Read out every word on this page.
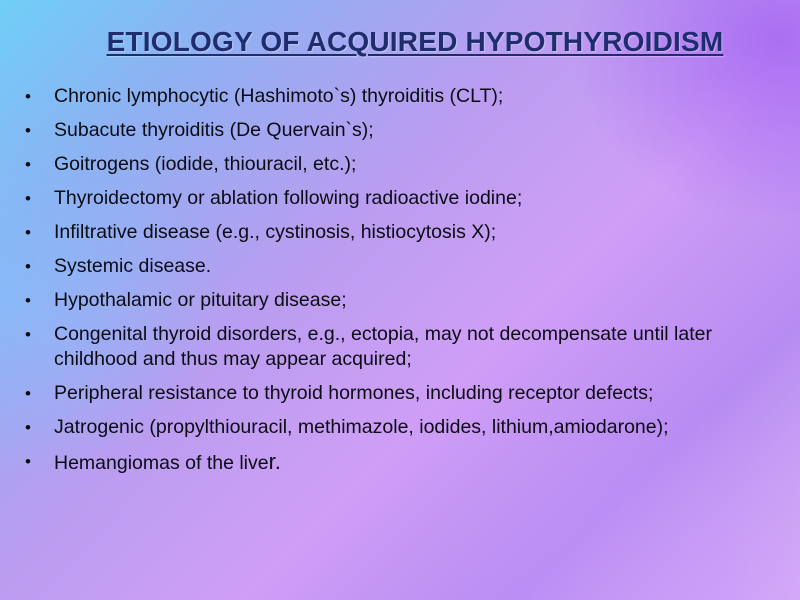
ETIOLOGY OF ACQUIRED HYPOTHYROIDISM
• Chronic lymphocytic (Hashimoto`s) thyroiditis (CLT);
• Subacute thyroiditis (De Quervain`s);
• Goitrogens (iodide, thiouracil, etc.);
• Thyroidectomy or ablation following radioactive iodine;
• Infiltrative disease (e.g., cystinosis, histiocytosis X);
• Systemic disease.
• Hypothalamic or pituitary disease;
• Congenital thyroid disorders, e.g., ectopia, may not decompensate until later childhood and thus may appear acquired;
• Peripheral resistance to thyroid hormones, including receptor defects;
• Jatrogenic (propylthiouracil, methimazole, iodides, lithium,amiodarone);
• Hemangiomas of the liver.
